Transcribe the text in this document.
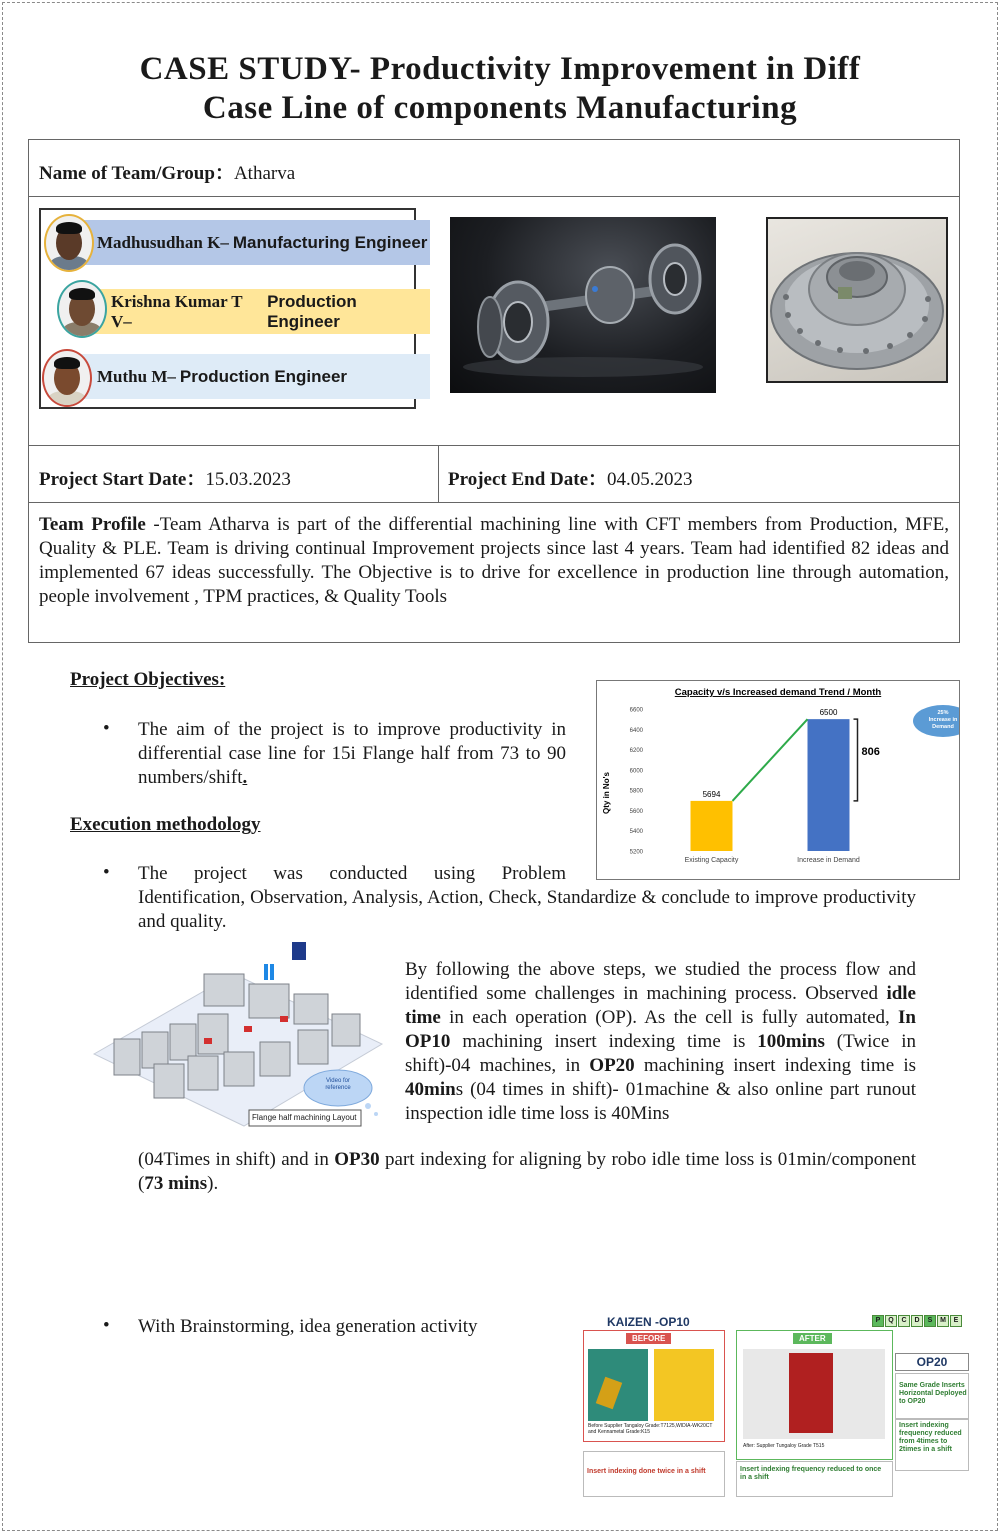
CASE STUDY- Productivity Improvement in Diff
Case Line of components Manufacturing
Name of Team/Group：Atharva
Madhusudhan K– Manufacturing Engineer
Krishna Kumar T V–
Production Engineer
Muthu M– Production Engineer
Project Start Date：15.03.2023	Project End Date：04.05.2023
Team Profile -Team Atharva is part of the differential machining line with CFT members from Production, MFE, Quality & PLE. Team is driving continual Improvement projects since last 4 years. Team had identified 82 ideas and implemented 67 ideas successfully. The Objective is to drive for excellence in production line through automation, people involvement , TPM practices, & Quality Tools
Project Objectives:
• The aim of the project is to improve productivity in differential case line for 15i Flange half from 73 to 90 numbers/shift.
Capacity v/s Increased demand Trend / Month
Qty in No's
5200
5400
5600
5800
6000
6200
6400
6600
5694
Existing Capacity
6500
Increase in Demand
806
25%
Increase in
Demand
Execution methodology
• The project was conducted using Problem
Identification, Observation, Analysis, Action, Check, Standardize & conclude to improve productivity and quality.
Video for reference
Flange half machining Layout
By following the above steps, we studied the process flow and identified some challenges in machining process. Observed idle time in each operation (OP). As the cell is fully automated, In OP10 machining insert indexing time is 100mins (Twice in shift)-04 machines, in OP20 machining insert indexing time is 40mins (04 times in shift)- 01machine & also online part runout inspection idle time loss is 40Mins
(04Times in shift) and in OP30 part indexing for aligning by robo idle time loss is 01min/component (73 mins).
• With Brainstorming, idea generation activity	KAIZEN -OP10	P	Q	C	D	S	M	E
BEFORE
Before Supplier Tangaloy Grade:T7125,WIDIA-WK20CT and Kennametal Grade:K15
Insert indexing done twice in a shift
AFTER
After: Supplier Tungaloy Grade T515
Insert indexing frequency reduced to once in a shift
OP20
Same Grade Inserts Horizontal Deployed to OP20
Insert indexing frequency reduced from 4times to 2times in a shift
